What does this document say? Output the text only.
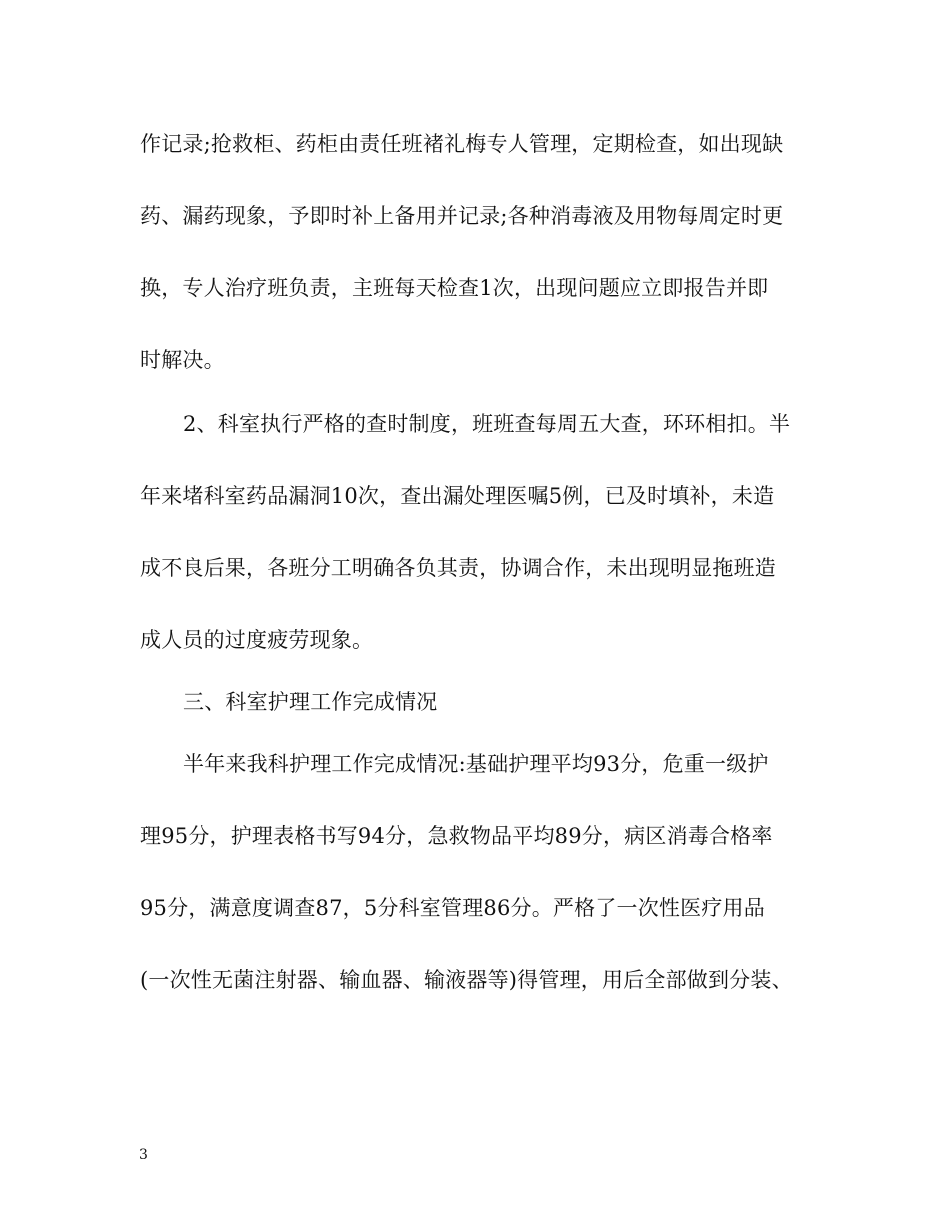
作记录;抢救柜、药柜由责任班褚礼梅专人管理，定期检查，如出现缺
药、漏药现象，予即时补上备用并记录;各种消毒液及用物每周定时更
换，专人治疗班负责，主班每天检查1次，出现问题应立即报告并即
时解决。
2、科室执行严格的查时制度，班班查每周五大查，环环相扣。半
年来堵科室药品漏洞10次，查出漏处理医嘱5例，已及时填补，未造
成不良后果，各班分工明确各负其责，协调合作，未出现明显拖班造
成人员的过度疲劳现象。
三、科室护理工作完成情况
半年来我科护理工作完成情况:基础护理平均93分，危重一级护
理95分，护理表格书写94分，急救物品平均89分，病区消毒合格率
95分，满意度调查87，5分科室管理86分。严格了一次性医疗用品
(一次性无菌注射器、输血器、输液器等)得管理，用后全部做到分装、
3
